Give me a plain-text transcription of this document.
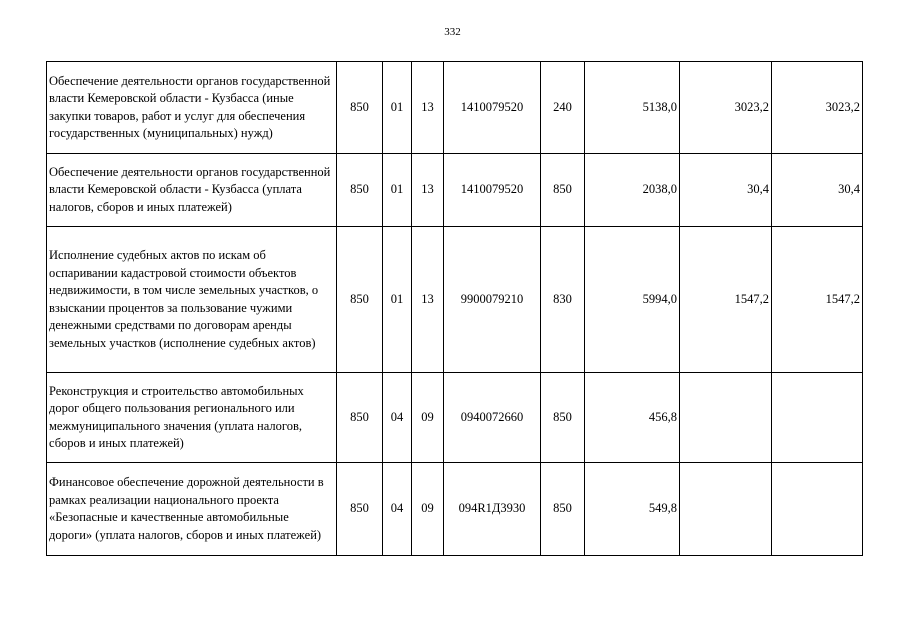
332
Обеспечение деятельности органов государственной власти Кемеровской области - Кузбасса (иные закупки товаров, работ и услуг для обеспечения государственных (муниципальных) нужд)	850	01	13	1410079520	240	5138,0	3023,2	3023,2
Обеспечение деятельности органов государственной власти Кемеровской области - Кузбасса (уплата налогов, сборов и иных платежей)	850	01	13	1410079520	850	2038,0	30,4	30,4
Исполнение судебных актов по искам об оспаривании кадастровой стоимости объектов недвижимости, в том числе земельных участков, о взыскании процентов за пользование чужими денежными средствами по договорам аренды земельных участков (исполнение судебных актов)	850	01	13	9900079210	830	5994,0	1547,2	1547,2
Реконструкция и строительство автомобильных дорог общего пользования регионального или межмуниципального значения (уплата налогов, сборов и иных платежей)	850	04	09	0940072660	850	456,8		
Финансовое обеспечение дорожной деятельности в рамках реализации национального проекта «Безопасные и качественные автомобильные дороги» (уплата налогов, сборов и иных платежей)	850	04	09	094R1Д3930	850	549,8		
